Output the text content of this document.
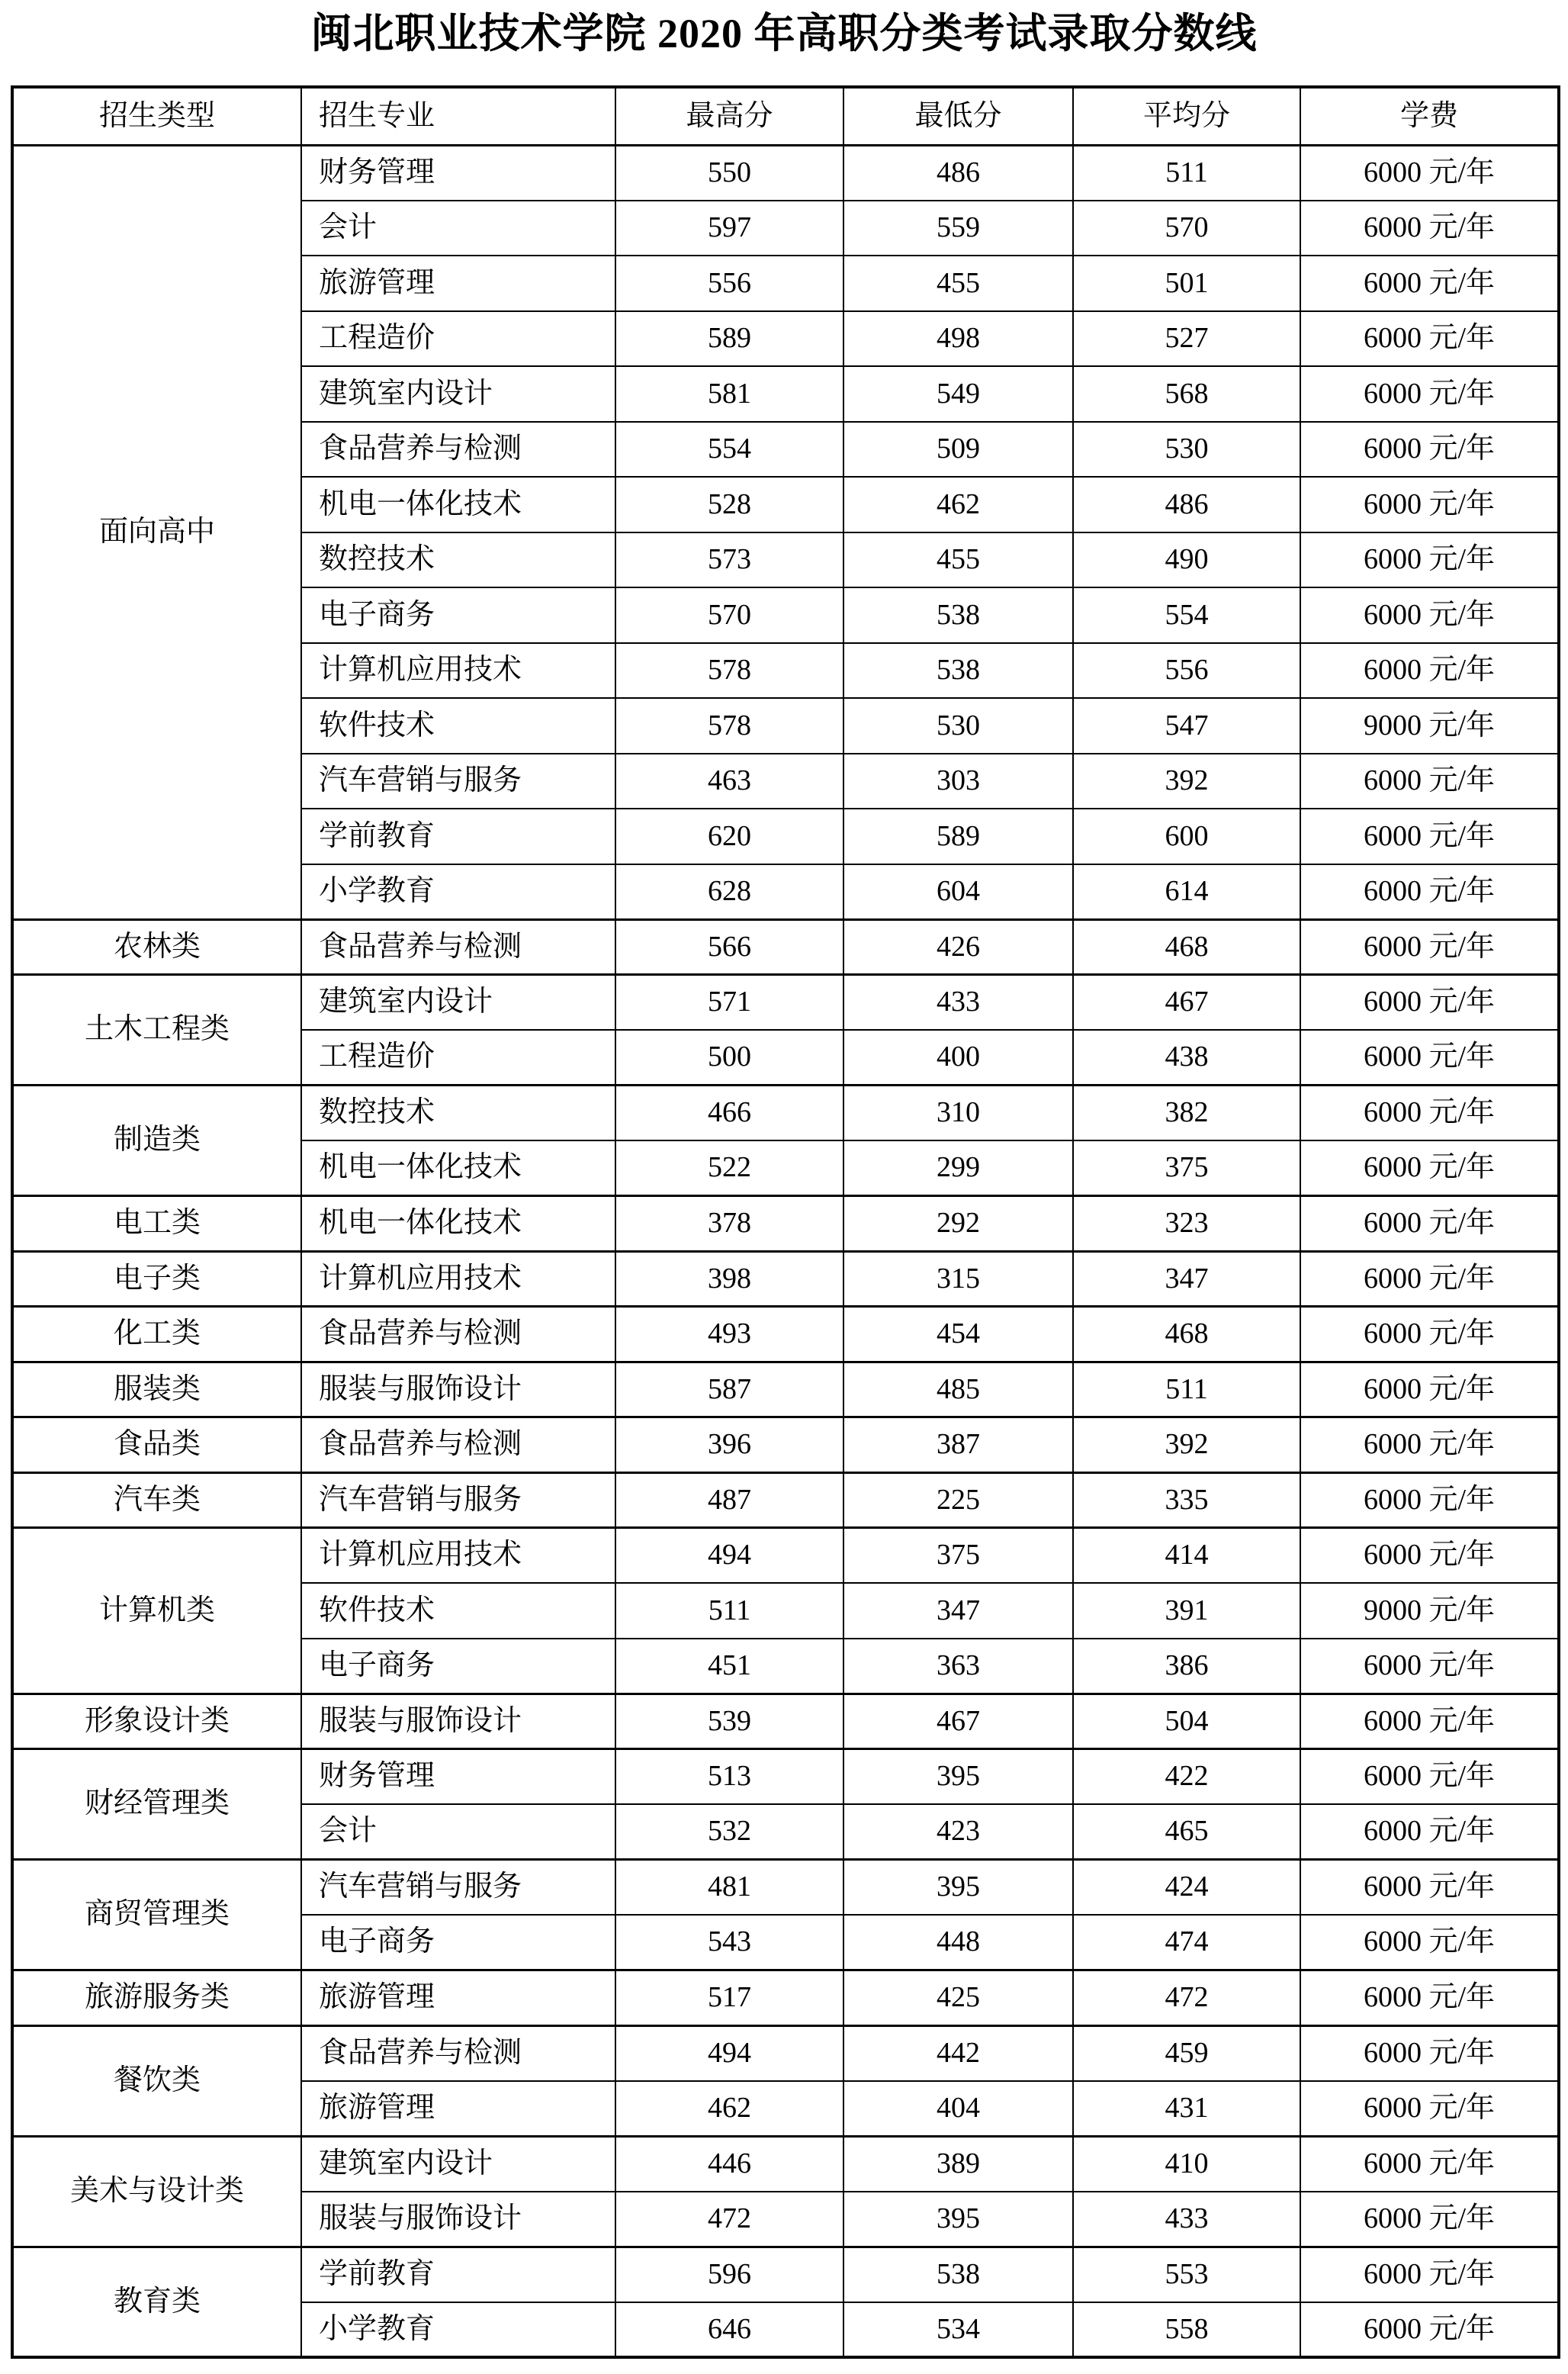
闽北职业技术学院 2020 年高职分类考试录取分数线
招生类型	招生专业	最高分	最低分	平均分	学费
面向高中	财务管理	550	486	511	6000 元/年
	会计	597	559	570	6000 元/年
	旅游管理	556	455	501	6000 元/年
	工程造价	589	498	527	6000 元/年
	建筑室内设计	581	549	568	6000 元/年
	食品营养与检测	554	509	530	6000 元/年
	机电一体化技术	528	462	486	6000 元/年
	数控技术	573	455	490	6000 元/年
	电子商务	570	538	554	6000 元/年
	计算机应用技术	578	538	556	6000 元/年
	软件技术	578	530	547	9000 元/年
	汽车营销与服务	463	303	392	6000 元/年
	学前教育	620	589	600	6000 元/年
	小学教育	628	604	614	6000 元/年
农林类	食品营养与检测	566	426	468	6000 元/年
土木工程类	建筑室内设计	571	433	467	6000 元/年
	工程造价	500	400	438	6000 元/年
制造类	数控技术	466	310	382	6000 元/年
	机电一体化技术	522	299	375	6000 元/年
电工类	机电一体化技术	378	292	323	6000 元/年
电子类	计算机应用技术	398	315	347	6000 元/年
化工类	食品营养与检测	493	454	468	6000 元/年
服装类	服装与服饰设计	587	485	511	6000 元/年
食品类	食品营养与检测	396	387	392	6000 元/年
汽车类	汽车营销与服务	487	225	335	6000 元/年
计算机类	计算机应用技术	494	375	414	6000 元/年
	软件技术	511	347	391	9000 元/年
	电子商务	451	363	386	6000 元/年
形象设计类	服装与服饰设计	539	467	504	6000 元/年
财经管理类	财务管理	513	395	422	6000 元/年
	会计	532	423	465	6000 元/年
商贸管理类	汽车营销与服务	481	395	424	6000 元/年
	电子商务	543	448	474	6000 元/年
旅游服务类	旅游管理	517	425	472	6000 元/年
餐饮类	食品营养与检测	494	442	459	6000 元/年
	旅游管理	462	404	431	6000 元/年
美术与设计类	建筑室内设计	446	389	410	6000 元/年
	服装与服饰设计	472	395	433	6000 元/年
教育类	学前教育	596	538	553	6000 元/年
	小学教育	646	534	558	6000 元/年
